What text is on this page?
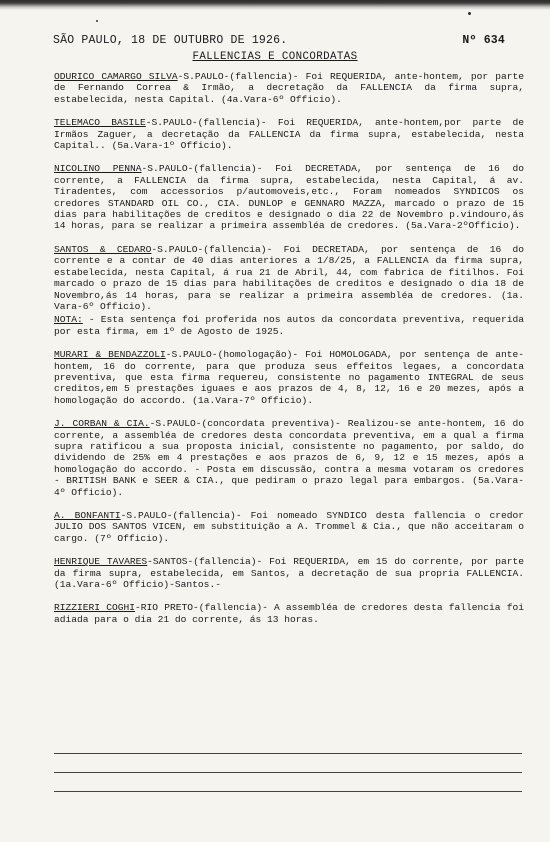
SÃO PAULO, 18 DE OUTUBRO DE 1926.	Nº 634
FALLENCIAS E CONCORDATAS

ODURICO CAMARGO SILVA-S.PAULO-(fallencia)- Foi REQUERIDA, ante-hontem, por parte de Fernando Correa & Irmão, a decretação da FALLENCIA da firma supra, estabelecida, nesta Capital. (4a.Vara-6º Officio).

TELEMACO BASILE-S.PAULO-(fallencia)- Foi REQUERIDA, ante-hontem,por parte de Irmãos Zaguer, a decretação da FALLENCIA da firma supra, estabelecida, nesta Capital.. (5a.Vara-1º Officio).

NICOLINO PENNA-S.PAULO-(fallencia)- Foi DECRETADA, por sentença de 16 do corrente, a FALLENCIA da firma supra, estabelecida, nesta Capital, á av. Tiradentes, com accessorios p/automoveis,etc., Foram nomeados SYNDICOS os credores STANDARD OIL CO., CIA. DUNLOP e GENNARO MAZZA, marcado o prazo de 15 dias para habilitações de creditos e designado o dia 22 de Novembro p.vindouro,ás 14 horas, para se realizar a primeira assembléa de credores. (5a.Vara-2ºOfficio).

SANTOS & CEDARO-S.PAULO-(fallencia)- Foi DECRETADA, por sentença de 16 do corrente e a contar de 40 dias anteriores a 1/8/25, a FALLENCIA da firma supra, estabelecida, nesta Capital, á rua 21 de Abril, 44, com fabrica de fitilhos. Foi marcado o prazo de 15 dias para habilitações de creditos e designado o dia 18 de Novembro,ás 14 horas, para se realizar a primeira assembléa de credores. (1a. Vara-6º Officio).

NOTA: - Esta sentença foi proferida nos autos da concordata preventiva, requerida por esta firma, em 1º de Agosto de 1925.

MURARI & BENDAZZOLI-S.PAULO-(homologação)- Foi HOMOLOGADA, por sentença de ante-hontem, 16 do corrente, para que produza seus effeitos legaes, a concordata preventiva, que esta firma requereu, consistente no pagamento INTEGRAL de seus creditos,em 5 prestações iguaes e aos prazos de 4, 8, 12, 16 e 20 mezes, após a homologação do accordo. (1a.Vara-7º Officio).

J. CORBAN & CIA.-S.PAULO-(concordata preventiva)- Realizou-se ante-hontem, 16 do corrente, a assembléa de credores desta concordata preventiva, em a qual a firma supra ratificou a sua proposta inicial, consistente no pagamento, por saldo, do dividendo de 25% em 4 prestações e aos prazos de 6, 9, 12 e 15 mezes, após a homologação do accordo. - Posta em discussão, contra a mesma votaram os credores - BRITISH BANK e SEER & CIA., que pediram o prazo legal para embargos. (5a.Vara-4º Officio).

A. BONFANTI-S.PAULO-(fallencia)- Foi nomeado SYNDICO desta fallencia o credor JULIO DOS SANTOS VICEN, em substituição a A. Trommel & Cia., que não acceitaram o cargo. (7º Officio).

HENRIQUE TAVARES-SANTOS-(fallencia)- Foi REQUERIDA, em 15 do corrente, por parte da firma supra, estabelecida, em Santos, a decretação de sua propria FALLENCIA. (1a.Vara-6º Officio)-Santos.-

RIZZIERI COGHI-RIO PRETO-(fallencia)- A assembléa de credores desta fallencia foi adiada para o dia 21 do corrente, ás 13 horas.
